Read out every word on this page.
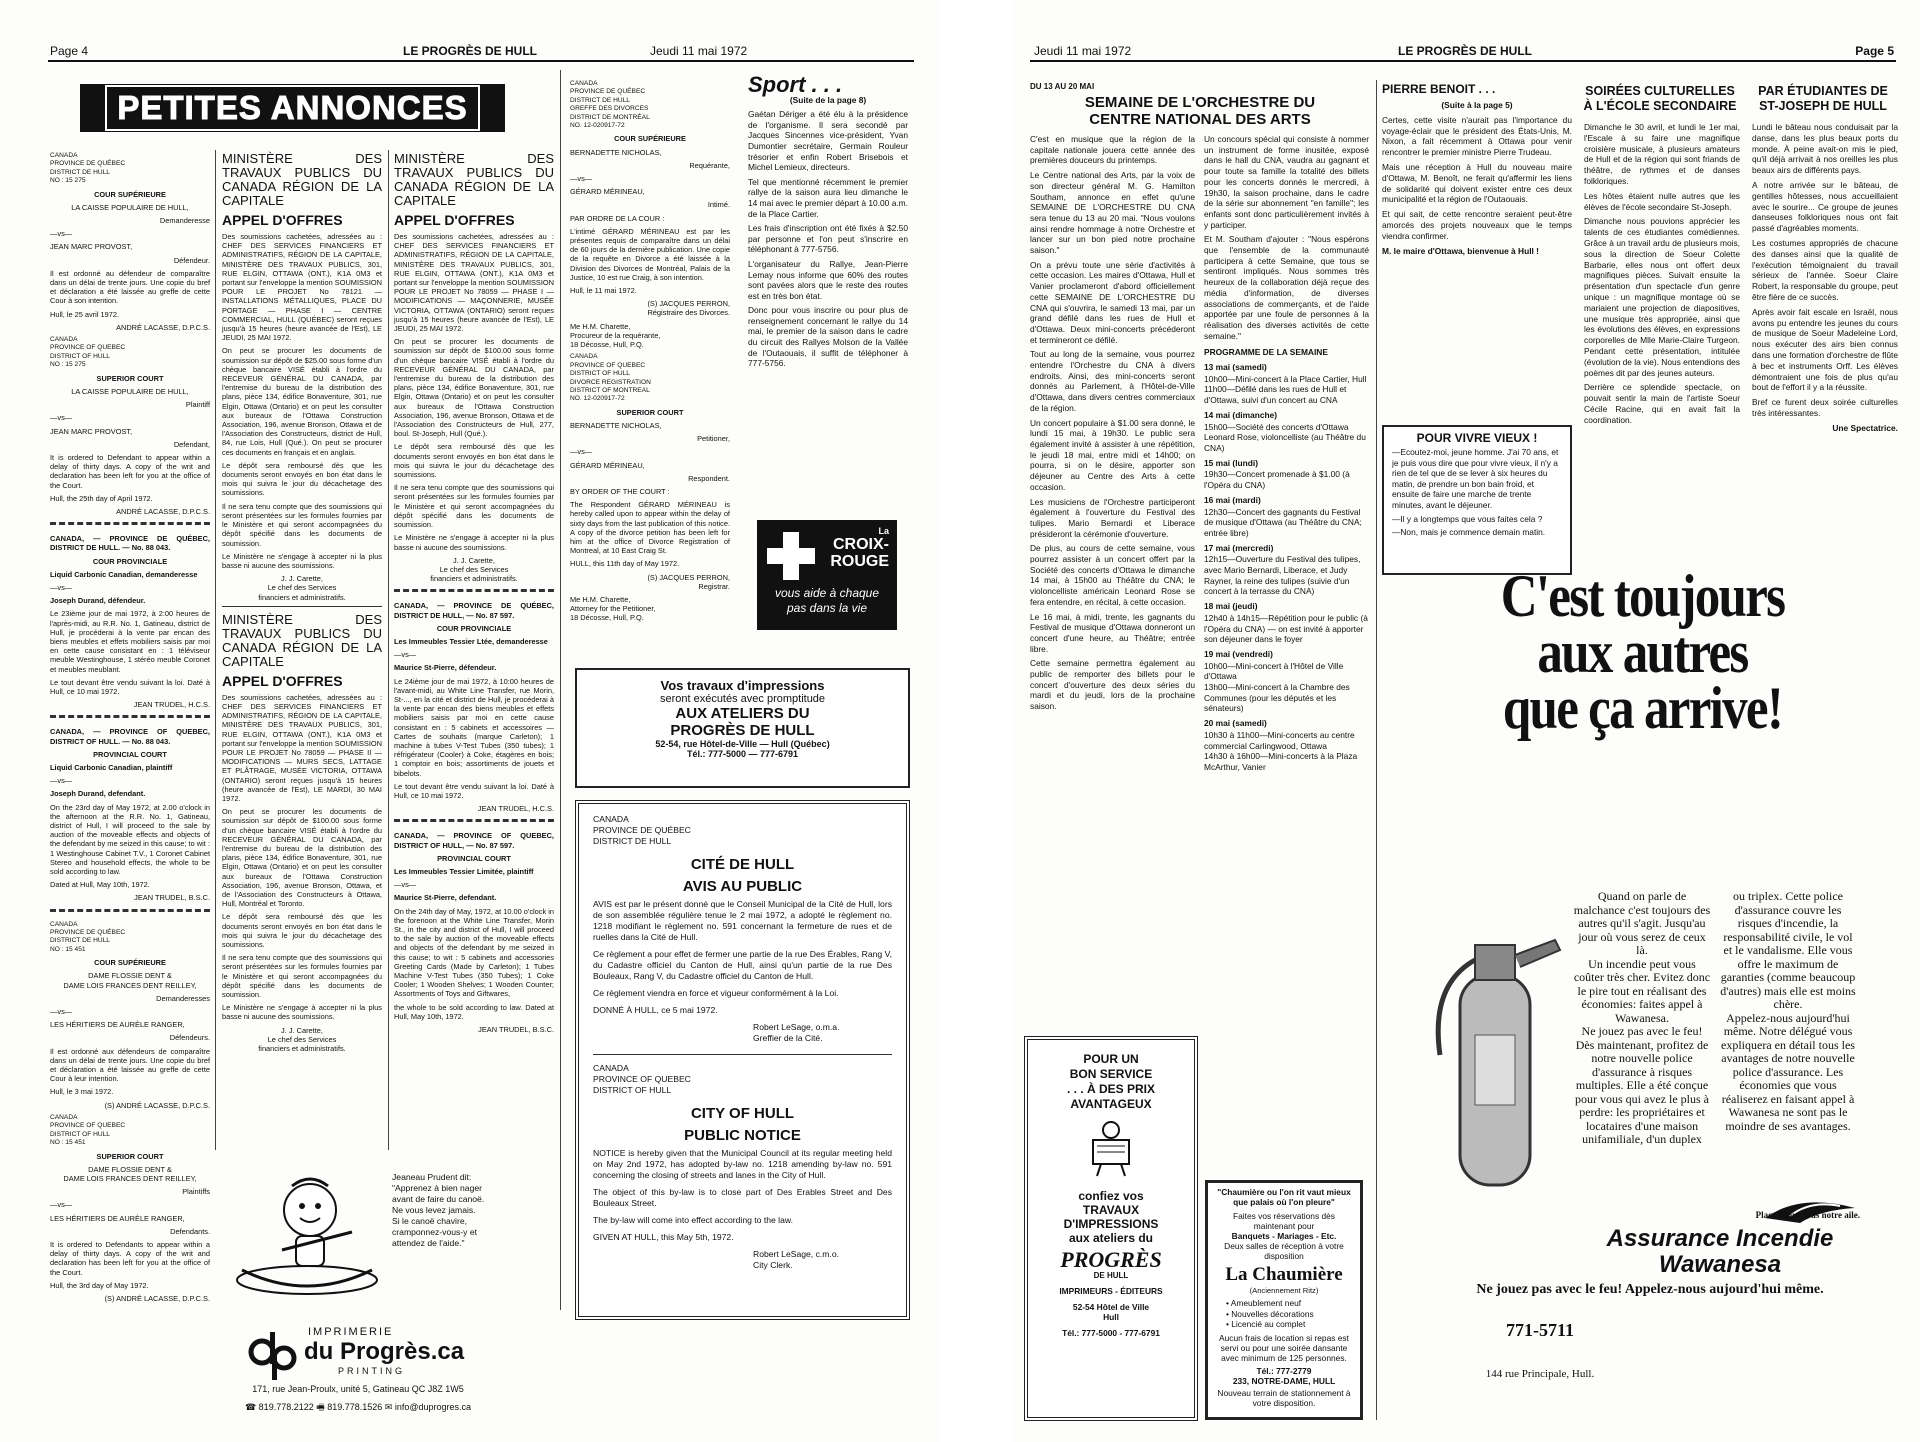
Page 4	LE PROGRÈS DE HULL	Jeudi 11 mai 1972
PETITES ANNONCES

CANADA
PROVINCE DE QUÉBEC
DISTRICT DE HULL
NO : 15 275

COUR SUPÉRIEURE

LA CAISSE POPULAIRE DE HULL,

Demanderesse

—vs—

JEAN MARC PROVOST,

Défendeur.

Il est ordonné au défendeur de comparaître dans un délai de trente jours. Une copie du bref et déclaration a été laissée au greffe de cette Cour à son intention.

Hull, le 25 avril 1972.

ANDRÉ LACASSE, D.P.C.S.

CANADA
PROVINCE OF QUEBEC
DISTRICT OF HULL
NO : 15 275

SUPERIOR COURT

LA CAISSE POPULAIRE DE HULL,

Plaintiff

—vs—

JEAN MARC PROVOST,

Defendant,

It is ordered to Defendant to appear within a delay of thirty days. A copy of the writ and declaration has been left for you at the office of the Court.

Hull, the 25th day of April 1972.

ANDRÉ LACASSE, D.P.C.S.

CANADA, — PROVINCE DE QUÉBEC, DISTRICT DE HULL. — No. 88 043.

COUR PROVINCIALE

Liquid Carbonic Canadian, demanderesse

—vs—

Joseph Durand, défendeur.

Le 23ième jour de mai 1972, à 2:00 heures de l'après-midi, au R.R. No. 1, Gatineau, district de Hull, je procéderai à la vente par encan des biens meubles et effets mobiliers saisis par moi en cette cause consistant en : 1 téléviseur meuble Westinghouse, 1 stéréo meuble Coronet et meubles meublant.

Le tout devant être vendu suivant la loi. Daté à Hull, ce 10 mai 1972.

JEAN TRUDEL, H.C.S.

CANADA, — PROVINCE OF QUEBEC, DISTRICT OF HULL. — No. 88 043.

PROVINCIAL COURT

Liquid Carbonic Canadian, plaintiff

—vs—

Joseph Durand, defendant.

On the 23rd day of May 1972, at 2.00 o'clock in the afternoon at the R.R. No. 1, Gatineau, district of Hull, I will proceed to the sale by auction of the moveable effects and objects of the defendant by me seized in this cause; to wit : 1 Westinghouse Cabinet T.V., 1 Coronet Cabinet Stereo and household effects, the whole to be sold according to law.

Dated at Hull, May 10th, 1972.

JEAN TRUDEL, B.S.C.

CANADA
PROVINCE DE QUÉBEC
DISTRICT DE HULL
NO : 15 451

COUR SUPÉRIEURE

DAME FLOSSIE DENT &
DAME LOIS FRANCES DENT REILLEY,

Demanderesses

—vs—

LES HÉRITIERS DE AURÈLE RANGER,

Défendeurs.

Il est ordonné aux défendeurs de comparaître dans un délai de trente jours. Une copie du bref et déclaration a été laissée au greffe de cette Cour à leur intention.

Hull, le 3 mai 1972.

(S) ANDRÉ LACASSE, D.P.C.S.

CANADA
PROVINCE OF QUEBEC
DISTRICT OF HULL
NO : 15 451

SUPERIOR COURT

DAME FLOSSIE DENT &
DAME LOIS FRANCES DENT REILLEY,

Plaintiffs

—vs—

LES HÉRITIERS DE AURÈLE RANGER,

Defendants.

It is ordered to Defendants to appear within a delay of thirty days. A copy of the writ and declaration has been left for you at the office of the Court.

Hull, the 3rd day of May 1972.

(S) ANDRÉ LACASSE, D.P.C.S.

MINISTÈRE DES TRAVAUX PUBLICS DU CANADA RÉGION DE LA CAPITALE

APPEL D'OFFRES

Des soumissions cachetées, adressées au : CHEF DES SERVICES FINANCIERS ET ADMINISTRATIFS, RÉGION DE LA CAPITALE, MINISTÈRE DES TRAVAUX PUBLICS, 301, RUE ELGIN, OTTAWA (ONT.), K1A 0M3 et portant sur l'enveloppe la mention SOUMISSION POUR LE PROJET No 78121 — INSTALLATIONS MÉTALLIQUES, PLACE DU PORTAGE — PHASE I — CENTRE COMMERCIAL, HULL (QUÉBEC) seront reçues jusqu'à 15 heures (heure avancée de l'Est), LE JEUDI, 25 MAI 1972.

On peut se procurer les documents de soumission sur dépôt de $25.00 sous forme d'un chèque bancaire VISÉ établi à l'ordre du RECEVEUR GÉNÉRAL DU CANADA, par l'entremise du bureau de la distribution des plans, pièce 134, édifice Bonaventure, 301, rue Elgin, Ottawa (Ontario) et on peut les consulter aux bureaux de l'Ottawa Construction Association, 196, avenue Bronson, Ottawa et de l'Association des Constructeurs, district de Hull, 84, rue Lois, Hull (Qué.). On peut se procurer ces documents en français et en anglais.

Le dépôt sera remboursé dès que les documents seront envoyés en bon état dans le mois qui suivra le jour du décachetage des soumissions.

Il ne sera tenu compte que des soumissions qui seront présentées sur les formules fournies par le Ministère et qui seront accompagnées du dépôt spécifié dans les documents de soumission.

Le Ministère ne s'engage à accepter ni la plus basse ni aucune des soumissions.

J. J. Carette,
Le chef des Services
financiers et administratifs.

MINISTÈRE DES TRAVAUX PUBLICS DU CANADA RÉGION DE LA CAPITALE

APPEL D'OFFRES

Des soumissions cachetées, adressées au : CHEF DES SERVICES FINANCIERS ET ADMINISTRATIFS, RÉGION DE LA CAPITALE, MINISTÈRE DES TRAVAUX PUBLICS, 301, RUE ELGIN, OTTAWA (ONT.), K1A 0M3 et portant sur l'enveloppe la mention SOUMISSION POUR LE PROJET No 78059 — PHASE II — MODIFICATIONS — MURS SECS, LATTAGE ET PLÂTRAGE, MUSÉE VICTORIA, OTTAWA (ONTARIO) seront reçues jusqu'à 15 heures (heure avancée de l'Est), LE MARDI, 30 MAI 1972.

On peut se procurer les documents de soumission sur dépôt de $100.00 sous forme d'un chèque bancaire VISÉ établi à l'ordre du RECEVEUR GÉNÉRAL DU CANADA, par l'entremise du bureau de la distribution des plans, pièce 134, édifice Bonaventure, 301, rue Elgin, Ottawa (Ontario) et on peut les consulter aux bureaux de l'Ottawa Construction Association, 196, avenue Bronson, Ottawa, et de l'Association des Constructeurs à Ottawa, Hull, Montréal et Toronto.

Le dépôt sera remboursé dès que les documents seront envoyés en bon état dans le mois qui suivra le jour du décachetage des soumissions.

Il ne sera tenu compte que des soumissions qui seront présentées sur les formules fournies par le Ministère et qui seront accompagnées du dépôt spécifié dans les documents de soumission.

Le Ministère ne s'engage à accepter ni la plus basse ni aucune des soumissions.

J. J. Carette,
Le chef des Services
financiers et administratifs.

MINISTÈRE DES TRAVAUX PUBLICS DU CANADA RÉGION DE LA CAPITALE

APPEL D'OFFRES

Des soumissions cachetées, adressées au : CHEF DES SERVICES FINANCIERS ET ADMINISTRATIFS, RÉGION DE LA CAPITALE, MINISTÈRE DES TRAVAUX PUBLICS, 301, RUE ELGIN, OTTAWA (ONT.), K1A 0M3 et portant sur l'enveloppe la mention SOUMISSION POUR LE PROJET No 78059 — PHASE I — MODIFICATIONS — MAÇONNERIE, MUSÉE VICTORIA, OTTAWA (ONTARIO) seront reçues jusqu'à 15 heures (heure avancée de l'Est), LE JEUDI, 25 MAI 1972.

On peut se procurer les documents de soumission sur dépôt de $100.00 sous forme d'un chèque bancaire VISÉ établi à l'ordre du RECEVEUR GÉNÉRAL DU CANADA, par l'entremise du bureau de la distribution des plans, pièce 134, édifice Bonaventure, 301, rue Elgin, Ottawa (Ontario) et on peut les consulter aux bureaux de l'Ottawa Construction Association, 196, avenue Bronson, Ottawa et de l'Association des Constructeurs de Hull, 277, boul. St-Joseph, Hull (Qué.).

Le dépôt sera remboursé dès que les documents seront envoyés en bon état dans le mois qui suivra le jour du décachetage des soumissions.

Il ne sera tenu compte que des soumissions qui seront présentées sur les formules fournies par le Ministère et qui seront accompagnées du dépôt spécifié dans les documents de soumission.

Le Ministère ne s'engage à accepter ni la plus basse ni aucune des soumissions.

J. J. Carette,
Le chef des Services
financiers et administratifs.

CANADA, — PROVINCE DE QUÉBEC, DISTRICT DE HULL, — No. 87 597.

COUR PROVINCIALE

Les Immeubles Tessier Ltée, demanderesse

—vs—

Maurice St-Pierre, défendeur.

Le 24ième jour de mai 1972, à 10:00 heures de l'avant-midi, au White Line Transfer, rue Morin, St-..., en la cité et district de Hull, je procéderai à la vente par encan des biens meubles et effets mobiliers saisis par moi en cette cause consistant en : 5 cabinets et accessoires — Cartes de souhaits (marque Carleton); 1 machine à tubes V-Test Tubes (350 tubes); 1 réfrigérateur (Cooler) à Coke, étagères en bois; 1 comptoir en bois; assortiments de jouets et bibelots.

Le tout devant être vendu suivant la loi. Daté à Hull, ce 10 mai 1972.

JEAN TRUDEL, H.C.S.

CANADA, — PROVINCE OF QUEBEC, DISTRICT OF HULL, — No. 87 597.

PROVINCIAL COURT

Les Immeubles Tessier Limitée, plaintiff

—vs—

Maurice St-Pierre, defendant.

On the 24th day of May, 1972, at 10.00 o'clock in the forenoon at the White Line Transfer, Morin St., in the city and district of Hull, I will proceed to the sale by auction of the moveable effects and objects of the defendant by me seized in this cause; to wit : 5 cabinets and accessories Greeting Cards (Made by Carleton); 1 Tubes Machine V-Test Tubes (350 Tubes); 1 Coke Cooler; 1 Wooden Shelves; 1 Wooden Counter; Assortments of Toys and Giftwares,

the whole to be sold according to law. Dated at Hull, May 10th, 1972.

JEAN TRUDEL, B.S.C.

CANADA
PROVINCE DE QUÉBEC
DISTRICT DE HULL
GREFFE DES DIVORCES
DISTRICT DE MONTRÉAL
NO. 12-020917-72

COUR SUPÉRIEURE

BERNADETTE NICHOLAS,

Requérante,

—vs—

GÉRARD MÉRINEAU,

Intimé.

PAR ORDRE DE LA COUR :

L'intimé GÉRARD MÉRINEAU est par les présentes requis de comparaître dans un délai de 60 jours de la dernière publication. Une copie de la requête en Divorce a été laissée à la Division des Divorces de Montréal, Palais de la Justice, 10 est rue Craig, à son intention.

Hull, le 11 mai 1972.

(S) JACQUES PERRON,
Régistraire des Divorces.

Me H.M. Charette,
Procureur de la requérante,
18 Décosse, Hull, P.Q.

CANADA
PROVINCE OF QUEBEC
DISTRICT OF HULL
DIVORCE REGISTRATION
DISTRICT OF MONTREAL
NO. 12-020917-72

SUPERIOR COURT

BERNADETTE NICHOLAS,

Petitioner,

—vs—

GÉRARD MÉRINEAU,

Respondent.

BY ORDER OF THE COURT :

The Respondent GÉRARD MÉRINEAU is hereby called upon to appear within the delay of sixty days from the last publication of this notice. A copy of the divorce petition has been left for him at the office of Divorce Registration of Montreal, at 10 East Craig St.

HULL, this 11th day of May 1972.

(S) JACQUES PERRON,
Registrar.

Me H.M. Charette,
Attorney for the Petitioner,
18 Décosse, Hull, P.Q.

Sport . . .

(Suite de la page 8)

Gaétan Dériger a été élu à la présidence de l'organisme. Il sera secondé par Jacques Sincennes vice-président, Yvan Dumontier secrétaire, Germain Rouleur trésorier et enfin Robert Brisebois et Michel Lemieux, directeurs.

Tel que mentionné récemment le premier rallye de la saison aura lieu dimanche le 14 mai avec le premier départ à 10.00 a.m. de la Place Cartier.

Les frais d'inscription ont été fixés à $2.50 par personne et l'on peut s'inscrire en téléphonant à 777-5756.

L'organisateur du Rallye, Jean-Pierre Lemay nous informe que 60% des routes sont pavées alors que le reste des routes est en très bon état.

Donc pour vous inscrire ou pour plus de renseignement concernant le rallye du 14 mai, le premier de la saison dans le cadre du circuit des Rallyes Molson de la Vallée de l'Outaouais, il suffit de téléphoner à 777-5756.

La
CROIX-
ROUGE
vous aide à chaque
pas dans la vie
Vos travaux d'impressions
seront exécutés avec promptitude
AUX ATELIERS DU
PROGRÈS DE HULL
52-54, rue Hôtel-de-Ville — Hull (Québec)
Tél.: 777-5000 — 777-6791

CANADA
PROVINCE DE QUÉBEC
DISTRICT DE HULL

CITÉ DE HULL

AVIS AU PUBLIC

AVIS est par le présent donné que le Conseil Municipal de la Cité de Hull, lors de son assemblée régulière tenue le 2 mai 1972, a adopté le règlement no. 1218 modifiant le règlement no. 591 concernant la fermeture de rues et de ruelles dans la Cité de Hull.

Ce règlement a pour effet de fermer une partie de la rue Des Érables, Rang V, du Cadastre officiel du Canton de Hull, ainsi qu'un partie de la rue Des Bouleaux, Rang V, du Cadastre officiel du Canton de Hull.

Ce règlement viendra en force et vigueur conformément à la Loi.

DONNÉ À HULL, ce 5 mai 1972.

Robert LeSage, o.m.a.
Greffier de la Cité.

CANADA
PROVINCE OF QUEBEC
DISTRICT OF HULL

CITY OF HULL

PUBLIC NOTICE

NOTICE is hereby given that the Municipal Council at its regular meeting held on May 2nd 1972, has adopted by-law no. 1218 amending by-law no. 591 concerning the closing of streets and lanes in the City of Hull.

The object of this by-law is to close part of Des Erables Street and Des Bouleaux Street.

The by-law will come into effect according to the law.

GIVEN AT HULL, this May 5th, 1972.

Robert LeSage, c.m.o.
City Clerk.

Jeaneau Prudent dit:
"Apprenez à bien nager
avant de faire du canoë.
Ne vous levez jamais.
Si le canoë chavire,
cramponnez-vous-y et
attendez de l'aide."
IMPRIMERIE
du Progrès.ca
PRINTING
171, rue Jean-Proulx, unité 5, Gatineau QC J8Z 1W5
☎ 819.778.2122 🖷 819.778.1526 ✉ info@duprogres.ca
Jeudi 11 mai 1972	LE PROGRÈS DE HULL	Page 5

DU 13 AU 20 MAI

SEMAINE DE L'ORCHESTRE DU
CENTRE NATIONAL DES ARTS

C'est en musique que la région de la capitale nationale jouera cette année des premières douceurs du printemps.

Le Centre national des Arts, par la voix de son directeur général M. G. Hamilton Southam, annonce en effet qu'une SEMAINE DE L'ORCHESTRE DU CNA sera tenue du 13 au 20 mai. "Nous voulons ainsi rendre hommage à notre Orchestre et lancer sur un bon pied notre prochaine saison."

On a prévu toute une série d'activités à cette occasion. Les maires d'Ottawa, Hull et Vanier proclameront d'abord officiellement cette SEMAINE DE L'ORCHESTRE DU CNA qui s'ouvrira, le samedi 13 mai, par un grand défilé dans les rues de Hull et d'Ottawa. Deux mini-concerts précéderont et termineront ce défilé.

Tout au long de la semaine, vous pourrez entendre l'Orchestre du CNA à divers endroits. Ainsi, des mini-concerts seront donnés au Parlement, à l'Hôtel-de-Ville d'Ottawa, dans divers centres commerciaux de la région.

Un concert populaire à $1.00 sera donné, le lundi 15 mai, à 19h30. Le public sera également invité à assister à une répétition, le jeudi 18 mai, entre midi et 14h00; on pourra, si on le désire, apporter son déjeuner au Centre des Arts à cette occasion.

Les musiciens de l'Orchestre participeront également à l'ouverture du Festival des tulipes. Mario Bernardi et Liberace présideront la cérémonie d'ouverture.

De plus, au cours de cette semaine, vous pourrez assister à un concert offert par la Société des concerts d'Ottawa le dimanche 14 mai, à 15h00 au Théâtre du CNA; le violoncelliste américain Leonard Rose se fera entendre, en récital, à cette occasion.

Le 16 mai, à midi, trente, les gagnants du Festival de musique d'Ottawa donneront un concert d'une heure, au Théâtre; entrée libre.

Cette semaine permettra également au public de remporter des billets pour le concert d'ouverture des deux séries du mardi et du jeudi, lors de la prochaine saison.

Un concours spécial qui consiste à nommer un instrument de forme inusitée, exposé dans le hall du CNA, vaudra au gagnant et pour toute sa famille la totalité des billets pour les concerts donnés le mercredi, à 19h30, la saison prochaine, dans le cadre de la série sur abonnement "en famille"; les enfants sont donc particulièrement invités à y participer.

Et M. Southam d'ajouter : "Nous espérons que l'ensemble de la communauté participera à cette Semaine, que tous se sentiront impliqués. Nous sommes très heureux de la collaboration déjà reçue des média d'information, de diverses associations de commerçants, et de l'aide apportée par une foule de personnes à la réalisation des diverses activités de cette semaine."

PROGRAMME DE LA SEMAINE

13 mai (samedi)

10h00—Mini-concert à la Place Cartier, Hull
11h00—Défilé dans les rues de Hull et d'Ottawa, suivi d'un concert au CNA

14 mai (dimanche)

15h00—Société des concerts d'Ottawa Leonard Rose, violoncelliste (au Théâtre du CNA)

15 mai (lundi)

19h30—Concert promenade à $1.00 (à l'Opéra du CNA)

16 mai (mardi)

12h30—Concert des gagnants du Festival de musique d'Ottawa (au Théâtre du CNA; entrée libre)

17 mai (mercredi)

12h15—Ouverture du Festival des tulipes, avec Mario Bernardi, Liberace, et Judy Rayner, la reine des tulipes (suivie d'un concert à la terrasse du CNA)

18 mai (jeudi)

12h40 à 14h15—Répétition pour le public (à l'Opéra du CNA) — on est invité à apporter son déjeuner dans le foyer

19 mai (vendredi)

10h00—Mini-concert à l'Hôtel de Ville d'Ottawa
13h00—Mini-concert à la Chambre des Communes (pour les députés et les sénateurs)

20 mai (samedi)

10h30 à 11h00—Mini-concerts au centre commercial Carlingwood, Ottawa
14h30 à 16h00—Mini-concerts à la Plaza McArthur, Vanier

PIERRE BENOIT . . .

(Suite à la page 5)

Certes, cette visite n'aurait pas l'importance du voyage-éclair que le président des États-Unis, M. Nixon, a fait récemment à Ottawa pour venir rencontrer le premier ministre Pierre Trudeau.

Mais une réception à Hull du nouveau maire d'Ottawa, M. Benoît, ne ferait qu'affermir les liens de solidarité qui doivent exister entre ces deux municipalité et la région de l'Outaouais.

Et qui sait, de cette rencontre seraient peut-être amorcés des projets nouveaux que le temps viendra confirmer.

M. le maire d'Ottawa, bienvenue à Hull !

POUR VIVRE VIEUX !

—Ecoutez-moi, jeune homme. J'ai 70 ans, et je puis vous dire que pour vivre vieux, il n'y a rien de tel que de se lever à six heures du matin, de prendre un bon bain froid, et ensuite de faire une marche de trente minutes, avant le déjeuner.

—Il y a longtemps que vous faites cela ?

—Non, mais je commence demain matin.

SOIRÉES CULTURELLES
À L'ÉCOLE SECONDAIRE

Dimanche le 30 avril, et lundi le 1er mai, l'Escale à su faire une magnifique croisière musicale, à plusieurs amateurs de Hull et de la région qui sont friands de théâtre, de rythmes et de danses folkloriques.

Les hôtes étaient nulle autres que les élèves de l'école secondaire St-Joseph.

Dimanche nous pouvions apprécier les talents de ces étudiantes comédiennes. Grâce à un travail ardu de plusieurs mois, sous la direction de Soeur Colette Barbarie, elles nous ont offert deux magnifiques pièces. Suivait ensuite la présentation d'un spectacle d'un genre unique : un magnifique montage où se mariaient une projection de diapositives, une musique très appropriée, ainsi que les évolutions des élèves, en expressions corporelles de Mlle Marie-Claire Turgeon. Pendant cette présentation, intitulée (évolution de la vie). Nous entendions des poèmes dit par des jeunes auteurs.

Derrière ce splendide spectacle, on pouvait sentir la main de l'artiste Soeur Cécile Racine, qui en avait fait la coordination.

PAR ÉTUDIANTES DE
ST-JOSEPH DE HULL

Lundi le bâteau nous conduisait par la danse, dans les plus beaux ports du monde. À peine avait-on mis le pied, qu'il déjà arrivait à nos oreilles les plus beaux airs de différents pays.

A notre arrivée sur le bâteau, de gentilles hôtesses, nous accueillaient avec le sourire... Ce groupe de jeunes danseuses folkloriques nous ont fait passé d'agréables moments.

Les costumes appropriés de chacune des danses ainsi que la qualité de l'exécution témoignaient du travail sérieux de l'année. Soeur Claire Robert, la responsable du groupe, peut être fière de ce succès.

Après avoir fait escale en Israël, nous avons pu entendre les jeunes du cours de musique de Soeur Madeleine Lord, nous exécuter des airs bien connus dans une formation d'orchestre de flûte à bec et instruments Orff. Les élèves démontraient une fois de plus qu'au bout de l'effort il y a la réussite.

Bref ce furent deux soirée culturelles très intéressantes.

Une Spectatrice.

C'est toujours
aux autres
que ça arrive!
Quand on parle de malchance c'est toujours des autres qu'il s'agit. Jusqu'au jour où vous serez de ceux là.
Un incendie peut vous coûter très cher. Evitez donc le pire tout en réalisant des économies: faites appel à Wawanesa.
Ne jouez pas avec le feu!
Dès maintenant, profitez de notre nouvelle police d'assurance à risques multiples. Elle a été conçue pour vous qui avez le plus à perdre: les propriétaires et locataires d'une maison unifamiliale, d'un duplex
ou triplex. Cette police d'assurance couvre les risques d'incendie, la responsabilité civile, le vol et le vandalisme. Elle vous offre le maximum de garanties (comme beaucoup d'autres) mais elle est moins chère.
Appelez-nous aujourd'hui même. Notre délégué vous expliquera en détail tous les avantages de notre nouvelle police d'assurance. Les économies que vous réaliserez en faisant appel à Wawanesa ne sont pas le moindre de ses avantages.
Placez-vous sous notre aile.
Assurance Incendie
Wawanesa
Ne jouez pas avec le feu! Appelez-nous aujourd'hui même.
771-5711
144 rue Principale, Hull.
POUR UN
BON SERVICE
. . . À DES PRIX
AVANTAGEUX
confiez vos
TRAVAUX
D'IMPRESSIONS
aux ateliers du
PROGRÈS
DE HULL
IMPRIMEURS - ÉDITEURS
52-54 Hôtel de Ville
Hull
Tél.: 777-5000 - 777-6791
"Chaumière ou l'on rit vaut mieux que palais où l'on pleure"
Faites vos réservations dès maintenant pour
Banquets - Mariages - Etc.
Deux salles de réception à votre disposition
La Chaumière
(Anciennement Ritz)
• Ameublement neuf
• Nouvelles décorations
• Licencié au complet
Aucun frais de location si repas est servi ou pour une soirée dansante avec minimum de 125 personnes.
Tél.: 777-2779
233, NOTRE-DAME, HULL
Nouveau terrain de stationnement à votre disposition.
